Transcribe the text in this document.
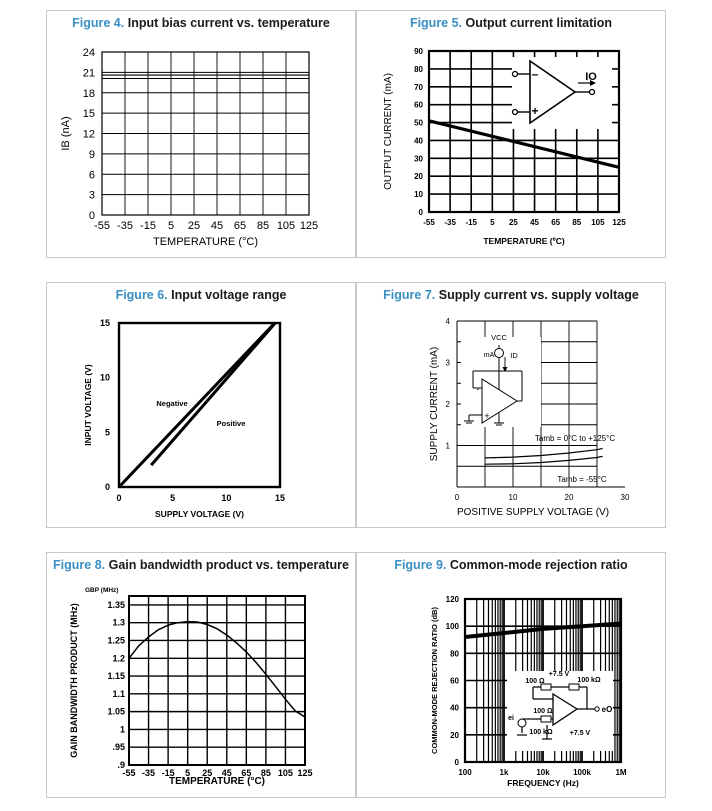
Figure 4. Input bias current vs. temperature
-55 -35 -15 5 25 45 65 85 105 125
0
3
6
9
12
15
18
21
24
TEMPERATURE (°C)
IB (nA)
Figure 5. Output current limitation
-55 -35 -15 5 25 45 65 85 105 125
0
10
20
30
40
50
60
70
80
90
–
+
IO
TEMPERATURE (ºC)
OUTPUT CURRENT (mA)
Figure 6. Input voltage range
0	5	10	15
5
10
15
0
Negative
Positive
SUPPLY VOLTAGE (V)
INPUT VOLTAGE (V)
Figure 7. Supply current vs. supply voltage
0	10	20	30
1
2
3
4
-
+
VCC
mA ID
Tamb = 0°C to +125°C
Tamb = -55°C
POSITIVE SUPPLY VOLTAGE (V)
SUPPLY CURRENT (mA)
Figure 8. Gain bandwidth product vs. temperature
-55 -35 -15 5 25 45 65 85 105 125
.9
.95
1
1.05
1.1
1.15
1.2
1.25
1.3
1.35
GBP (MHz)
TEMPERATURE (°C)
GAIN BANDWIDTH PRODUCT (MHz)
Figure 9. Common-mode rejection ratio
0
20
40
60
80
100
120
100	1k	10k	100k	1M
+7.5 V
100 Ω	100 kΩ
100 Ω
100 kΩ +7.5 V
eO
ei
FREQUENCY (Hz)
COMMON-MODE REJECTION RATIO (dB)
